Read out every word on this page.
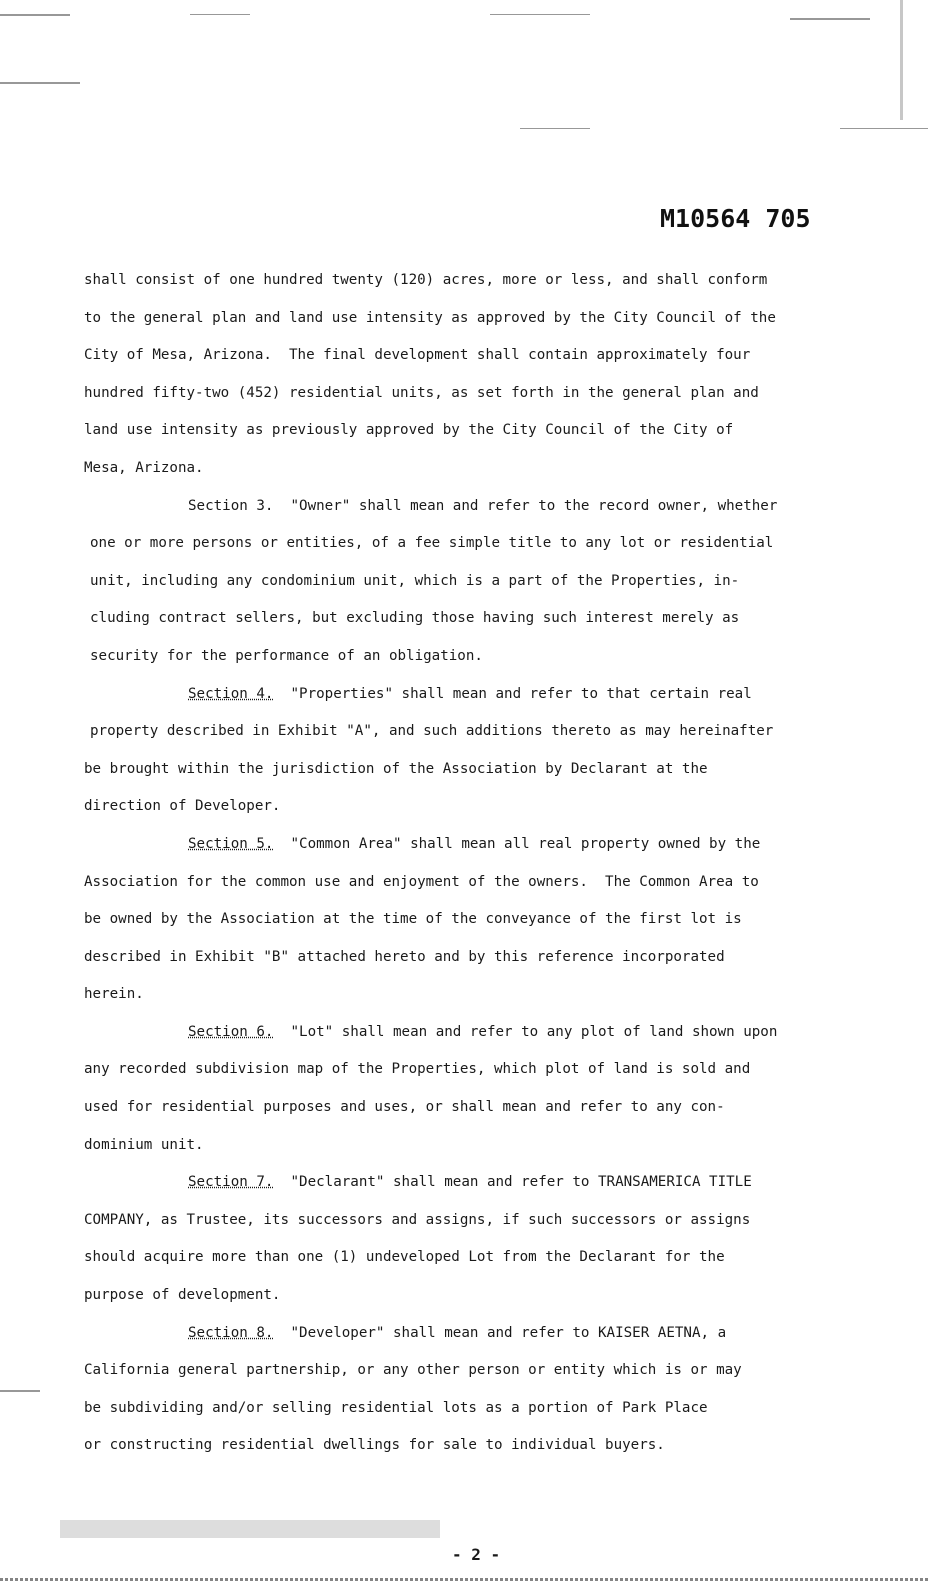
M10564 705
shall consist of one hundred twenty (120) acres, more or less, and shall conform
to the general plan and land use intensity as approved by the City Council of the
City of Mesa, Arizona.  The final development shall contain approximately four
hundred fifty-two (452) residential units, as set forth in the general plan and
land use intensity as previously approved by the City Council of the City of
Mesa, Arizona.
Section 3. "Owner" shall mean and refer to the record owner, whether
one or more persons or entities, of a fee simple title to any lot or residential
unit, including any condominium unit, which is a part of the Properties, in-
cluding contract sellers, but excluding those having such interest merely as
security for the performance of an obligation.
Section 4. "Properties" shall mean and refer to that certain real
property described in Exhibit "A", and such additions thereto as may hereinafter
be brought within the jurisdiction of the Association by Declarant at the
direction of Developer.
Section 5. "Common Area" shall mean all real property owned by the
Association for the common use and enjoyment of the owners.  The Common Area to
be owned by the Association at the time of the conveyance of the first lot is
described in Exhibit "B" attached hereto and by this reference incorporated
herein.
Section 6. "Lot" shall mean and refer to any plot of land shown upon
any recorded subdivision map of the Properties, which plot of land is sold and
used for residential purposes and uses, or shall mean and refer to any con-
dominium unit.
Section 7. "Declarant" shall mean and refer to TRANSAMERICA TITLE
COMPANY, as Trustee, its successors and assigns, if such successors or assigns
should acquire more than one (1) undeveloped Lot from the Declarant for the
purpose of development.
Section 8. "Developer" shall mean and refer to KAISER AETNA, a
California general partnership, or any other person or entity which is or may
be subdividing and/or selling residential lots as a portion of Park Place
or constructing residential dwellings for sale to individual buyers.
- 2 -
